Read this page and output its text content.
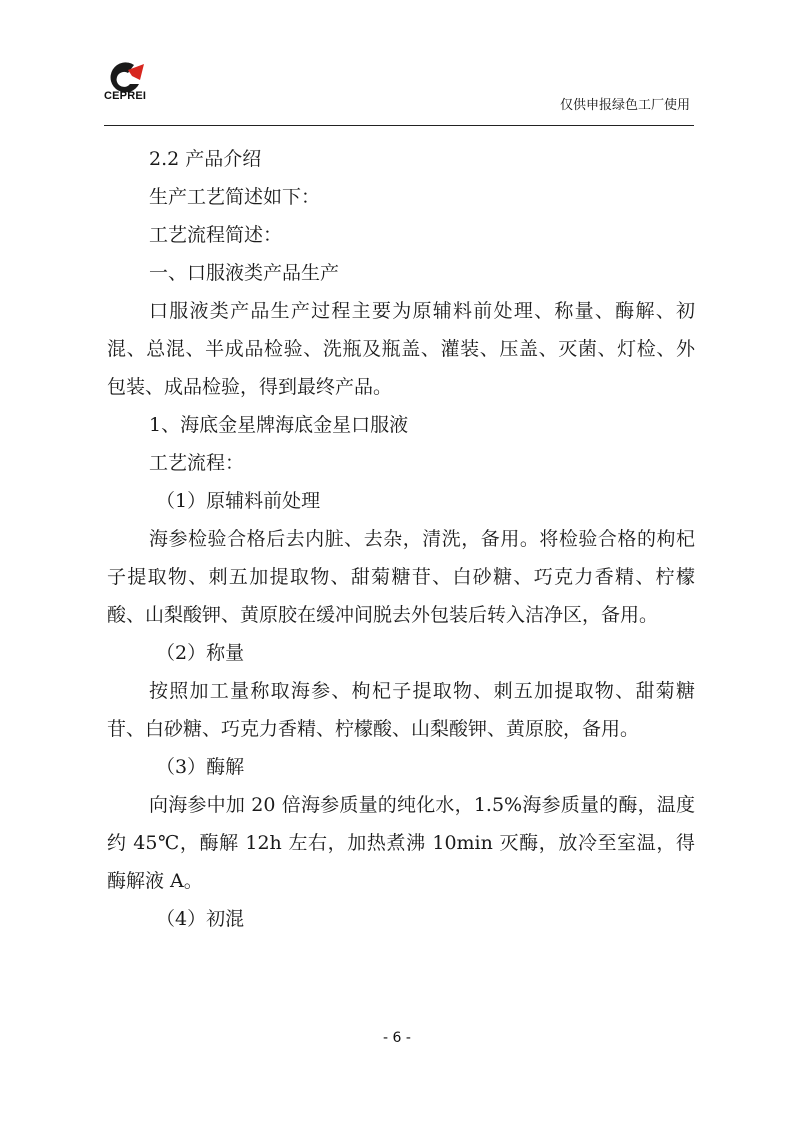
CEPREI
仅供申报绿色工厂使用

2.2 产品介绍

生产工艺简述如下：

工艺流程简述：

一、口服液类产品生产

口服液类产品生产过程主要为原辅料前处理、称量、酶解、初混、总混、半成品检验、洗瓶及瓶盖、灌装、压盖、灭菌、灯检、外包装、成品检验，得到最终产品。

1、海底金星牌海底金星口服液

工艺流程：

（1）原辅料前处理

海参检验合格后去内脏、去杂，清洗，备用。将检验合格的枸杞子提取物、刺五加提取物、甜菊糖苷、白砂糖、巧克力香精、柠檬酸、山梨酸钾、黄原胶在缓冲间脱去外包装后转入洁净区，备用。

（2）称量

按照加工量称取海参、枸杞子提取物、刺五加提取物、甜菊糖苷、白砂糖、巧克力香精、柠檬酸、山梨酸钾、黄原胶，备用。

（3）酶解

向海参中加 20 倍海参质量的纯化水，1.5%海参质量的酶，温度约 45℃，酶解 12h 左右，加热煮沸 10min 灭酶，放冷至室温，得酶解液 A。

（4）初混

- 6 -
